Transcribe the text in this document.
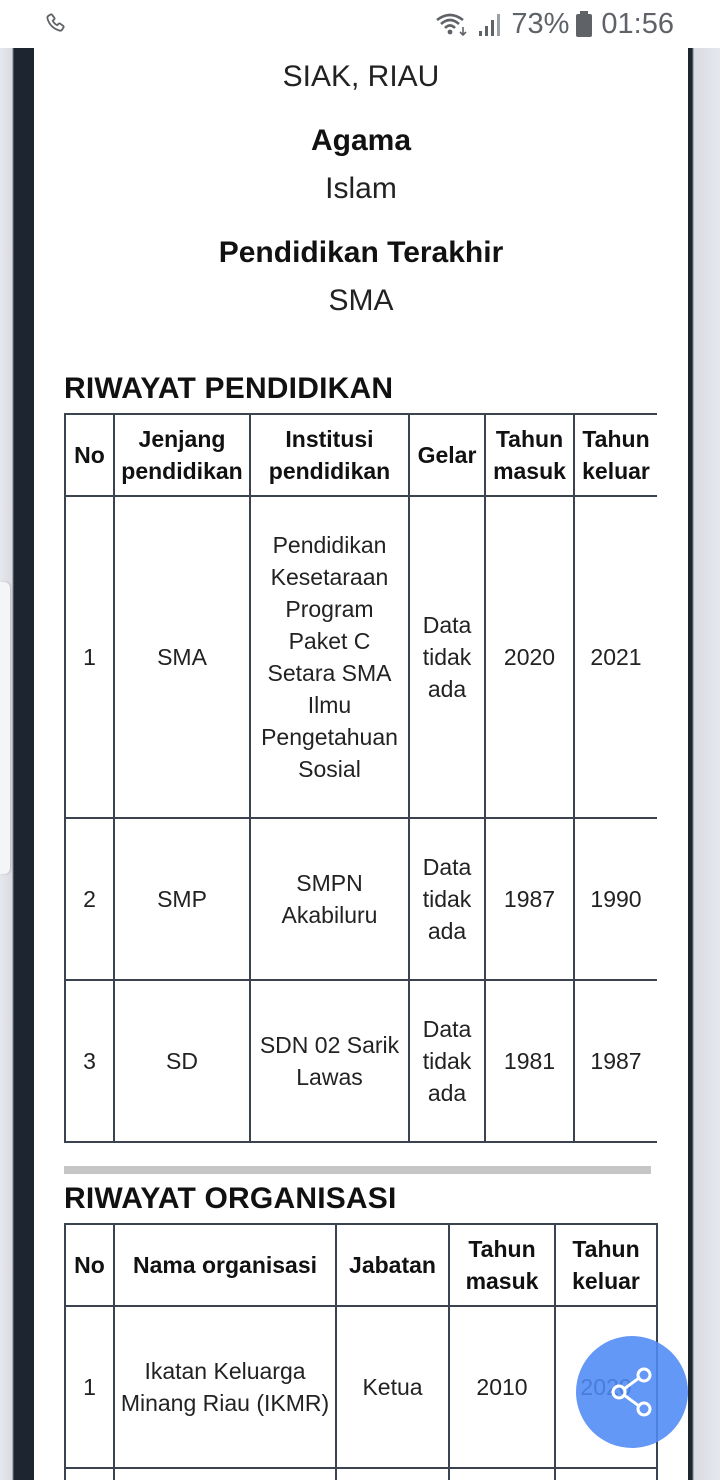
73% 01:56
SIAK, RIAU
Agama
Islam
Pendidikan Terakhir
SMA
RIWAYAT PENDIDIKAN
No	Jenjang pendidikan	Institusi pendidikan	Gelar	Tahun masuk	Tahun keluar
1	SMA	Pendidikan Kesetaraan Program Paket C Setara SMA Ilmu Pengetahuan Sosial	Data tidak ada	2020	2021
2	SMP	SMPN Akabiluru	Data tidak ada	1987	1990
3	SD	SDN 02 Sarik Lawas	Data tidak ada	1981	1987
RIWAYAT ORGANISASI
No	Nama organisasi	Jabatan	Tahun masuk	Tahun keluar
1	Ikatan Keluarga Minang Riau (IKMR)	Ketua	2010	
